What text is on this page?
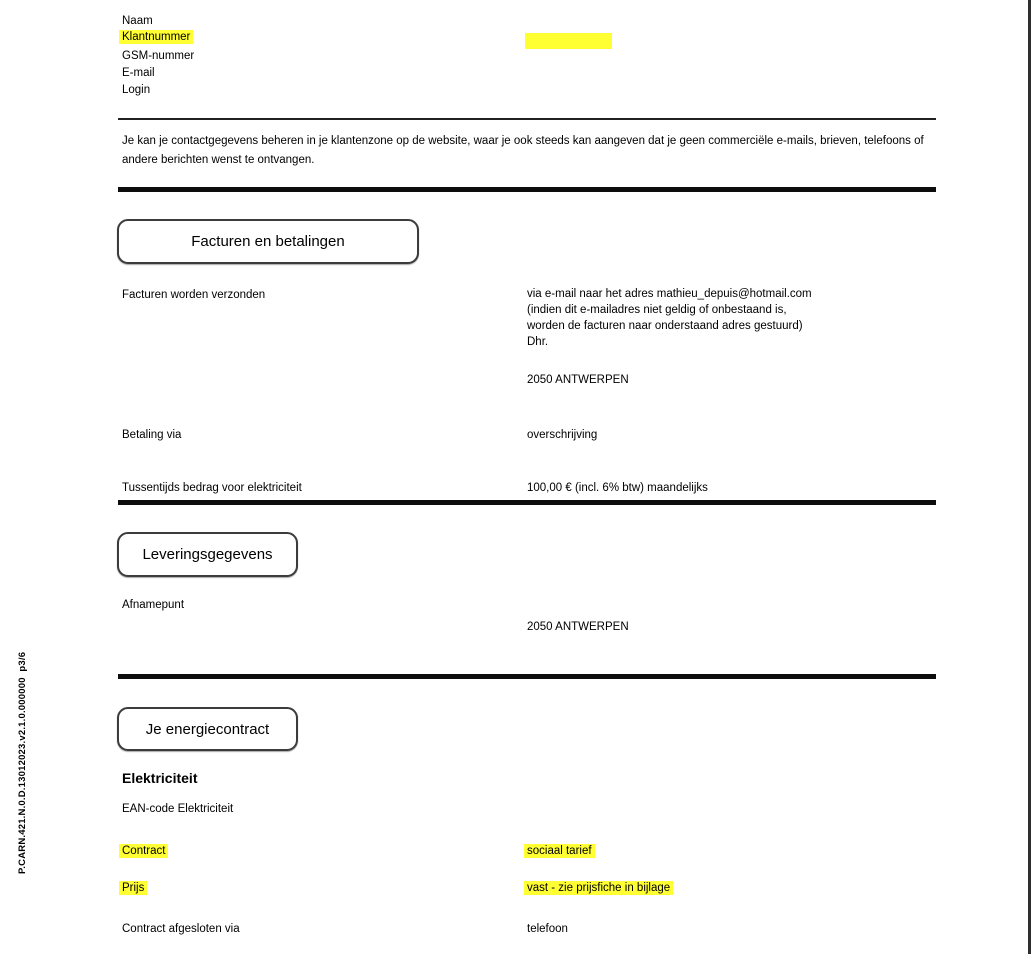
P.CARN.421.N.0.D.13012023.v2.1.0.000000  p3/6
Naam
Klantnummer
GSM-nummer
E-mail
Login
Je kan je contactgegevens beheren in je klantenzone op de website, waar je ook steeds kan aangeven dat je geen commerciële e-mails, brieven, telefoons of andere berichten wenst te ontvangen.
Facturen en betalingen
Facturen worden verzonden	via e-mail naar het adres mathieu_depuis@hotmail.com
(indien dit e-mailadres niet geldig of onbestaand is,
worden de facturen naar onderstaand adres gestuurd)
Dhr.
2050 ANTWERPEN
Betaling via	overschrijving
Tussentijds bedrag voor elektriciteit	100,00 € (incl. 6% btw) maandelijks
Leveringsgegevens
Afnamepunt
2050 ANTWERPEN
Je energiecontract
Elektriciteit
EAN-code Elektriciteit
Contract	sociaal tarief
Prijs	vast - zie prijsfiche in bijlage
Contract afgesloten via	telefoon
